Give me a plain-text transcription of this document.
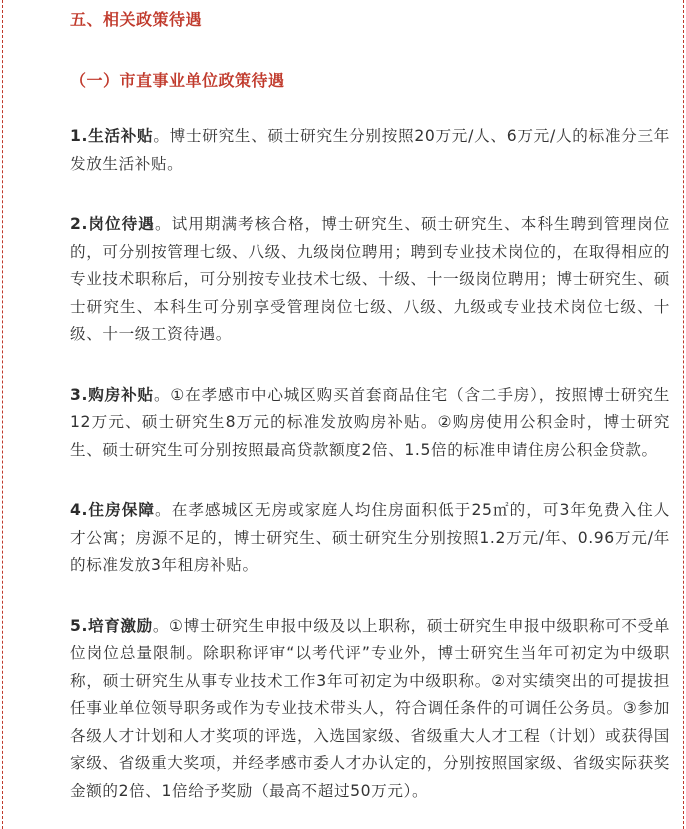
五、相关政策待遇
（一）市直事业单位政策待遇

1.生活补贴。博士研究生、硕士研究生分别按照20万元/人、6万元/人的标准分三年发放生活补贴。

2.岗位待遇。试用期满考核合格，博士研究生、硕士研究生、本科生聘到管理岗位的，可分别按管理七级、八级、九级岗位聘用；聘到专业技术岗位的，在取得相应的专业技术职称后，可分别按专业技术七级、十级、十一级岗位聘用；博士研究生、硕士研究生、本科生可分别享受管理岗位七级、八级、九级或专业技术岗位七级、十级、十一级工资待遇。

3.购房补贴。①在孝感市中心城区购买首套商品住宅（含二手房），按照博士研究生12万元、硕士研究生8万元的标准发放购房补贴。②购房使用公积金时，博士研究生、硕士研究生可分别按照最高贷款额度2倍、1.5倍的标准申请住房公积金贷款。

4.住房保障。在孝感城区无房或家庭人均住房面积低于25㎡的，可3年免费入住人才公寓；房源不足的，博士研究生、硕士研究生分别按照1.2万元/年、0.96万元/年的标准发放3年租房补贴。

5.培育激励。①博士研究生申报中级及以上职称，硕士研究生申报中级职称可不受单位岗位总量限制。除职称评审“以考代评”专业外，博士研究生当年可初定为中级职称，硕士研究生从事专业技术工作3年可初定为中级职称。②对实绩突出的可提拔担任事业单位领导职务或作为专业技术带头人，符合调任条件的可调任公务员。③参加各级人才计划和人才奖项的评选，入选国家级、省级重大人才工程（计划）或获得国家级、省级重大奖项，并经孝感市委人才办认定的，分别按照国家级、省级实际获奖金额的2倍、1倍给予奖励（最高不超过50万元）。
